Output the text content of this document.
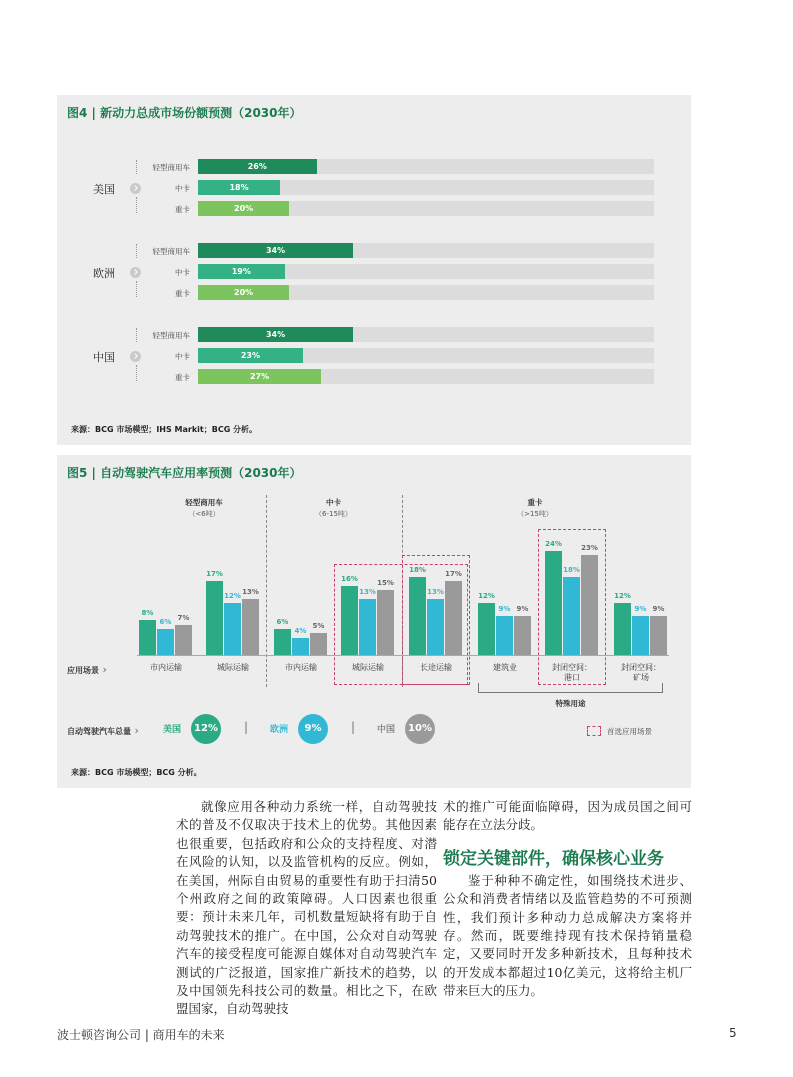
图4 | 新动力总成市场份额预测（2030年）
美国
轻型商用车	26%
中卡	18%
重卡	20%
欧洲
轻型商用车	34%
中卡	19%
重卡	20%
中国
轻型商用车	34%
中卡	23%
重卡	27%
来源：BCG 市场模型；IHS Markit；BCG 分析。
图5 | 自动驾驶汽车应用率预测（2030年）
轻型商用车
（<6吨）
中卡
（6-15吨）
重卡
（>15吨）
8%
6%
7%
市内运输
17%
12%
13%
城际运输
6%
4%
5%
市内运输
16%
13%
15%
城际运输
18%
13%
17%
长途运输
12%
9% 9%
建筑业
24%
18%
23%
封闭空间：
港口
12%
9% 9%
封闭空间：
矿场
应用场景 ›
特殊用途
自动驾驶汽车总量 ›	美国	12% | 欧洲	9%	| 中国	10%	首选应用场景
来源：BCG 市场模型；BCG 分析。

就像应用各种动力系统一样，自动驾驶技术的普及不仅取决于技术上的优势。其他因素也很重要，包括政府和公众的支持程度、对潜在风险的认知，以及监管机构的反应。例如，在美国，州际自由贸易的重要性有助于扫清50个州政府之间的政策障碍。人口因素也很重要：预计未来几年，司机数量短缺将有助于自动驾驶技术的推广。在中国，公众对自动驾驶汽车的接受程度可能源自媒体对自动驾驶汽车测试的广泛报道，国家推广新技术的趋势，以及中国领先科技公司的数量。相比之下，在欧盟国家，自动驾驶技

术的推广可能面临障碍，因为成员国之间可能存在立法分歧。

锁定关键部件，确保核心业务

鉴于种种不确定性，如围绕技术进步、公众和消费者情绪以及监管趋势的不可预测性，我们预计多种动力总成解决方案将并存。然而，既要维持现有技术保持销量稳定，又要同时开发多种新技术，且每种技术的开发成本都超过10亿美元，这将给主机厂带来巨大的压力。

波士顿咨询公司 | 商用车的未来	5
